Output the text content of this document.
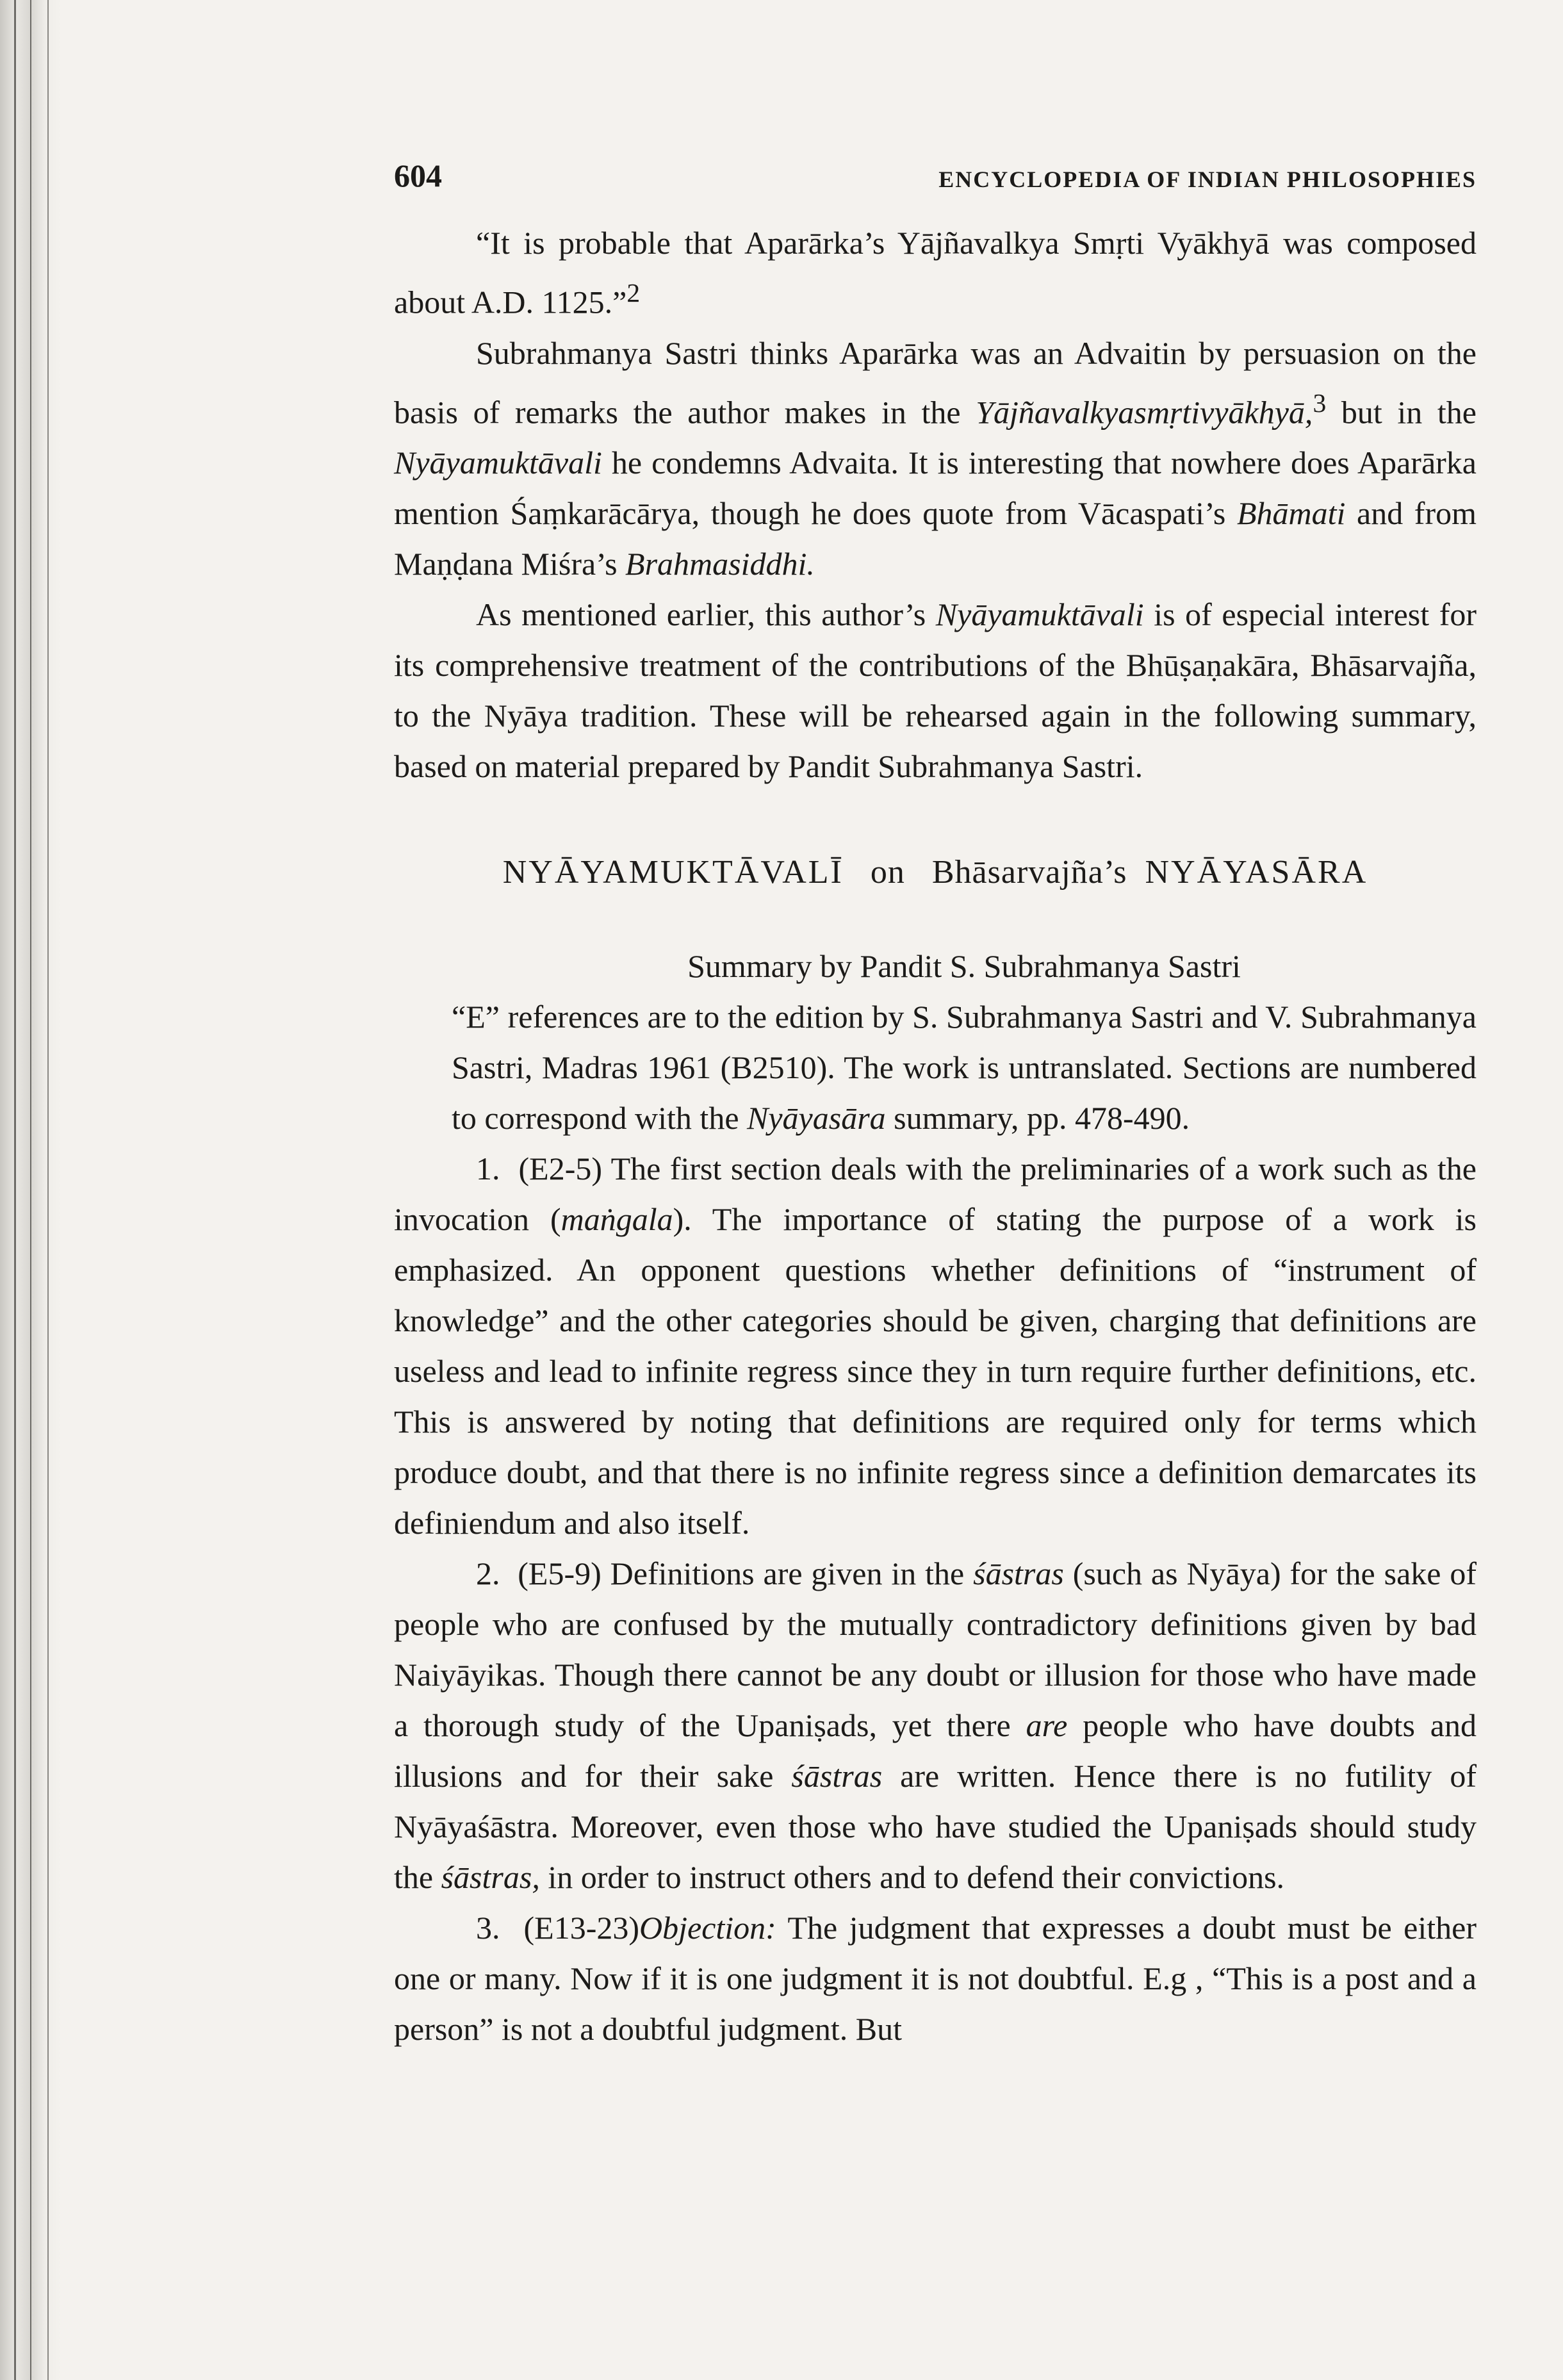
604	ENCYCLOPEDIA OF INDIAN PHILOSOPHIES

“It is probable that Aparārka’s Yājñavalkya Smṛti Vyākhyā was composed about A.D. 1125.”$^2$

Subrahmanya Sastri thinks Aparārka was an Advaitin by persuasion on the basis of remarks the author makes in the Yājñavalkyasmṛtivyākhyā,$^3$ but in the Nyāyamuktāvali he condemns Advaita. It is interesting that nowhere does Aparārka mention Śaṃkarācārya, though he does quote from Vācaspati’s Bhāmati and from Maṇḍana Miśra’s Brahmasiddhi.

As mentioned earlier, this author’s Nyāyamuktāvali is of especial interest for its comprehensive treatment of the contributions of the Bhūṣaṇakāra, Bhāsarvajña, to the Nyāya tradition. These will be rehearsed again in the following summary, based on material prepared by Pandit Subrahmanya Sastri.

NYĀYAMUKTĀVALĪ on Bhāsarvajña’s NYĀYASĀRA

Summary by Pandit S. Subrahmanya Sastri

“E” references are to the edition by S. Subrahmanya Sastri and V. Subrahmanya Sastri, Madras 1961 (B2510). The work is untranslated. Sections are numbered to correspond with the Nyāyasāra summary, pp. 478-490.

1. (E2-5) The first section deals with the preliminaries of a work such as the invocation (maṅgala). The importance of stating the purpose of a work is emphasized. An opponent questions whether definitions of “instrument of knowledge” and the other categories should be given, charging that definitions are useless and lead to infinite regress since they in turn require further definitions, etc. This is answered by noting that definitions are required only for terms which produce doubt, and that there is no infinite regress since a definition demarcates its definiendum and also itself.

2. (E5-9) Definitions are given in the śāstras (such as Nyāya) for the sake of people who are confused by the mutually contradictory definitions given by bad Naiyāyikas. Though there cannot be any doubt or illusion for those who have made a thorough study of the Upaniṣads, yet there are people who have doubts and illusions and for their sake śāstras are written. Hence there is no futility of Nyāyaśāstra. Moreover, even those who have studied the Upaniṣads should study the śāstras, in order to instruct others and to defend their convictions.

3. (E13-23)Objection: The judgment that expresses a doubt must be either one or many. Now if it is one judgment it is not doubtful. E.g , “This is a post and a person” is not a doubtful judgment. But
